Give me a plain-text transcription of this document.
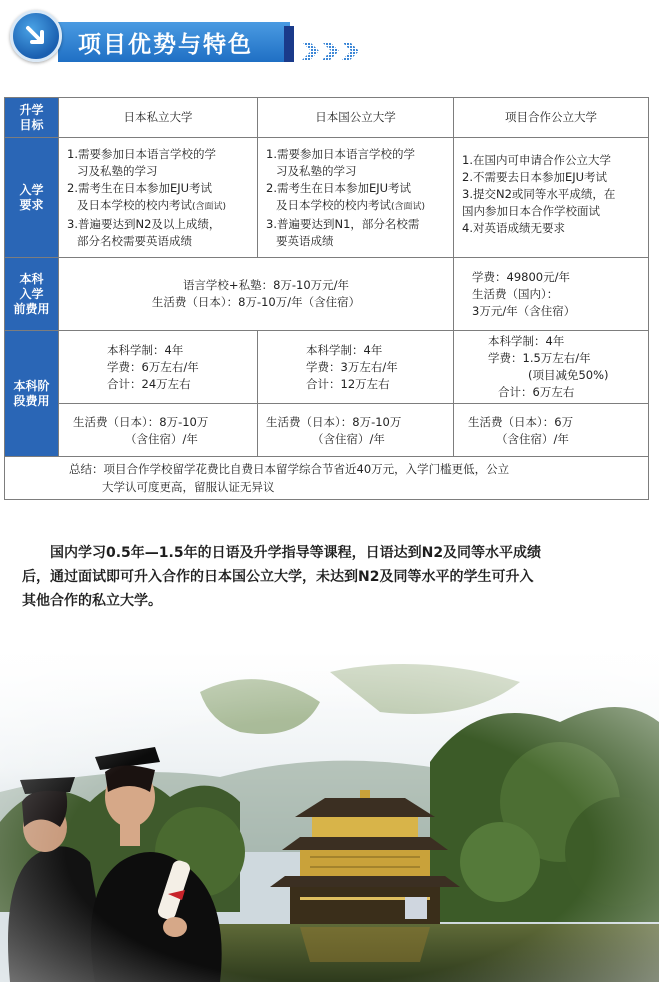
项目优势与特色
升学
目标
日本私立大学	日本国公立大学	项目合作公立大学
入学
要求
1.需要参加日本语言学校的学
习及私塾的学习
2.需考生在日本参加EJU考试
及日本学校的校内考试(含面试)
3.普遍要达到N2及以上成绩，
部分名校需要英语成绩
1.需要参加日本语言学校的学
习及私塾的学习
2.需考生在日本参加EJU考试
及日本学校的校内考试(含面试)
3.普遍要达到N1，部分名校需
要英语成绩
1.在国内可申请合作公立大学
2.不需要去日本参加EJU考试
3.提交N2或同等水平成绩，在
国内参加日本合作学校面试
4.对英语成绩无要求
本科
入学
前费用
语言学校+私塾：8万-10万元/年
生活费（日本）：8万-10万/年（含住宿）
学费：49800元/年
生活费（国内）：
3万元/年（含住宿）
本科阶
段费用
本科学制：4年
学费：6万左右/年
合计：24万左右
本科学制：4年
学费：3万左右/年
合计：12万左右
本科学制：4年
学费：1.5万左右/年
(项目减免50%)
合计：6万左右
生活费（日本）：8万-10万
（含住宿）/年
生活费（日本）：8万-10万
（含住宿）/年
生活费（日本）：6万
（含住宿）/年
总结：项目合作学校留学花费比自费日本留学综合节省近40万元，入学门槛更低，公立
大学认可度更高，留服认证无异议
国内学习0.5年—1.5年的日语及升学指导等课程，日语达到N2及同等水平成绩
后，通过面试即可升入合作的日本国公立大学，未达到N2及同等水平的学生可升入
其他合作的私立大学。
